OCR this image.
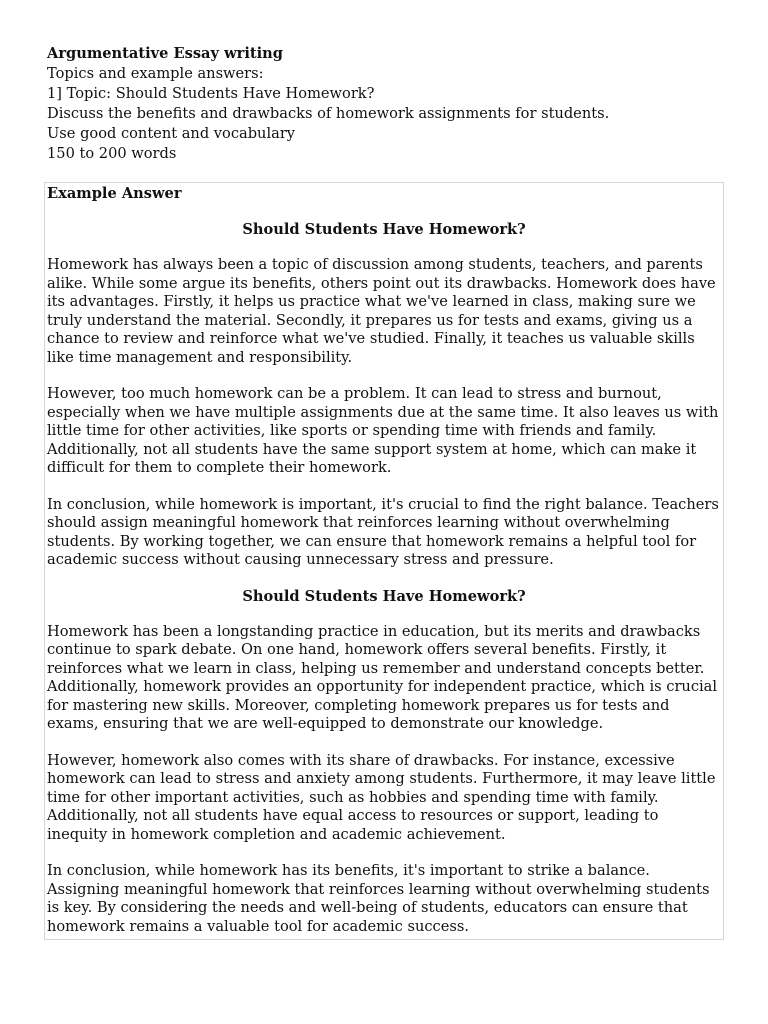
Argumentative Essay writing
Topics and example answers:
1] Topic: Should Students Have Homework?
Discuss the benefits and drawbacks of homework assignments for students.
Use good content and vocabulary
150 to 200 words

Example Answer

Should Students Have Homework?

Homework has always been a topic of discussion among students, teachers, and parents alike. While some argue its benefits, others point out its drawbacks. Homework does have its advantages. Firstly, it helps us practice what we've learned in class, making sure we truly understand the material. Secondly, it prepares us for tests and exams, giving us a chance to review and reinforce what we've studied. Finally, it teaches us valuable skills like time management and responsibility.

However, too much homework can be a problem. It can lead to stress and burnout, especially when we have multiple assignments due at the same time. It also leaves us with little time for other activities, like sports or spending time with friends and family. Additionally, not all students have the same support system at home, which can make it difficult for them to complete their homework.

In conclusion, while homework is important, it's crucial to find the right balance. Teachers should assign meaningful homework that reinforces learning without overwhelming students. By working together, we can ensure that homework remains a helpful tool for academic success without causing unnecessary stress and pressure.

Should Students Have Homework?

Homework has been a longstanding practice in education, but its merits and drawbacks continue to spark debate. On one hand, homework offers several benefits. Firstly, it reinforces what we learn in class, helping us remember and understand concepts better. Additionally, homework provides an opportunity for independent practice, which is crucial for mastering new skills. Moreover, completing homework prepares us for tests and exams, ensuring that we are well-equipped to demonstrate our knowledge.

However, homework also comes with its share of drawbacks. For instance, excessive homework can lead to stress and anxiety among students. Furthermore, it may leave little time for other important activities, such as hobbies and spending time with family. Additionally, not all students have equal access to resources or support, leading to inequity in homework completion and academic achievement.

In conclusion, while homework has its benefits, it's important to strike a balance. Assigning meaningful homework that reinforces learning without overwhelming students is key. By considering the needs and well-being of students, educators can ensure that homework remains a valuable tool for academic success.
